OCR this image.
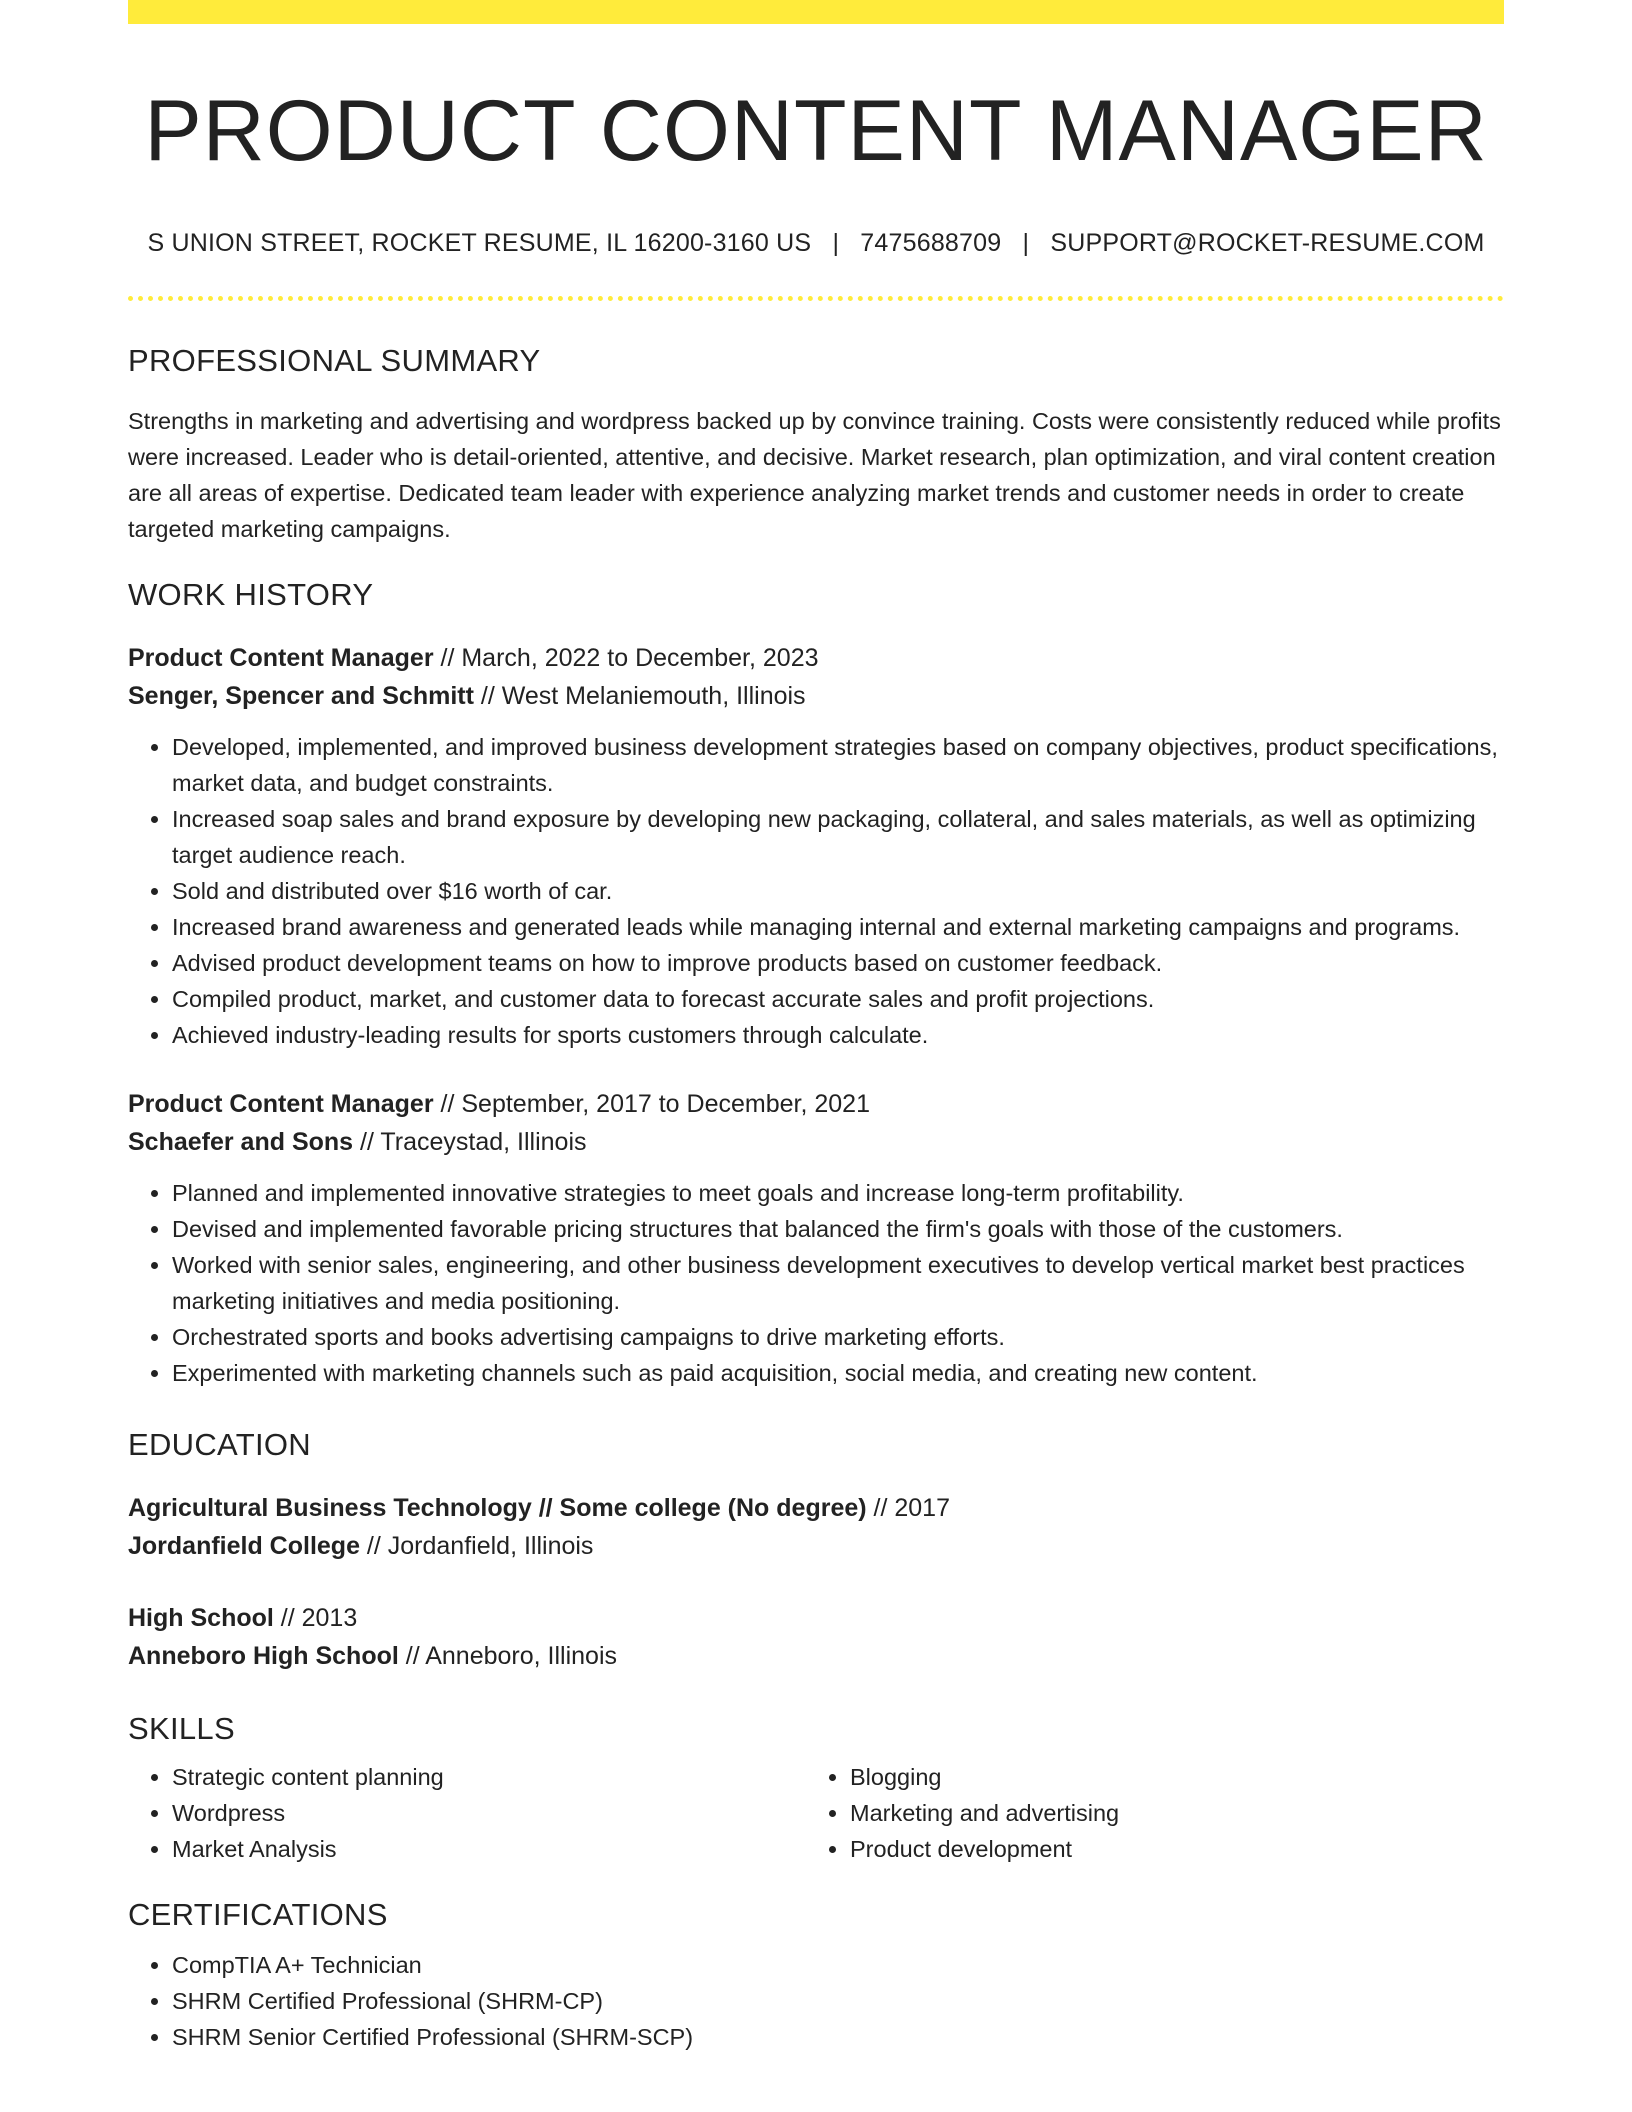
PRODUCT CONTENT MANAGER
S UNION STREET, ROCKET RESUME, IL 16200-3160 US | 7475688709 | SUPPORT@ROCKET-RESUME.COM
PROFESSIONAL SUMMARY

Strengths in marketing and advertising and wordpress backed up by convince training. Costs were consistently reduced while profits were increased. Leader who is detail-oriented, attentive, and decisive. Market research, plan optimization, and viral content creation are all areas of expertise. Dedicated team leader with experience analyzing market trends and customer needs in order to create targeted marketing campaigns.

WORK HISTORY
Product Content Manager // March, 2022 to December, 2023
Senger, Spencer and Schmitt // West Melaniemouth, Illinois
• Developed, implemented, and improved business development strategies based on company objectives, product specifications, market data, and budget constraints.
• Increased soap sales and brand exposure by developing new packaging, collateral, and sales materials, as well as optimizing target audience reach.
• Sold and distributed over $16 worth of car.
• Increased brand awareness and generated leads while managing internal and external marketing campaigns and programs.
• Advised product development teams on how to improve products based on customer feedback.
• Compiled product, market, and customer data to forecast accurate sales and profit projections.
• Achieved industry-leading results for sports customers through calculate.
Product Content Manager // September, 2017 to December, 2021
Schaefer and Sons // Traceystad, Illinois
• Planned and implemented innovative strategies to meet goals and increase long-term profitability.
• Devised and implemented favorable pricing structures that balanced the firm's goals with those of the customers.
• Worked with senior sales, engineering, and other business development executives to develop vertical market best practices marketing initiatives and media positioning.
• Orchestrated sports and books advertising campaigns to drive marketing efforts.
• Experimented with marketing channels such as paid acquisition, social media, and creating new content.
EDUCATION
Agricultural Business Technology // Some college (No degree) // 2017
Jordanfield College // Jordanfield, Illinois
High School // 2013
Anneboro High School // Anneboro, Illinois
SKILLS
• Strategic content planning
• Wordpress
• Market Analysis
• Blogging
• Marketing and advertising
• Product development
CERTIFICATIONS
• CompTIA A+ Technician
• SHRM Certified Professional (SHRM-CP)
• SHRM Senior Certified Professional (SHRM-SCP)
